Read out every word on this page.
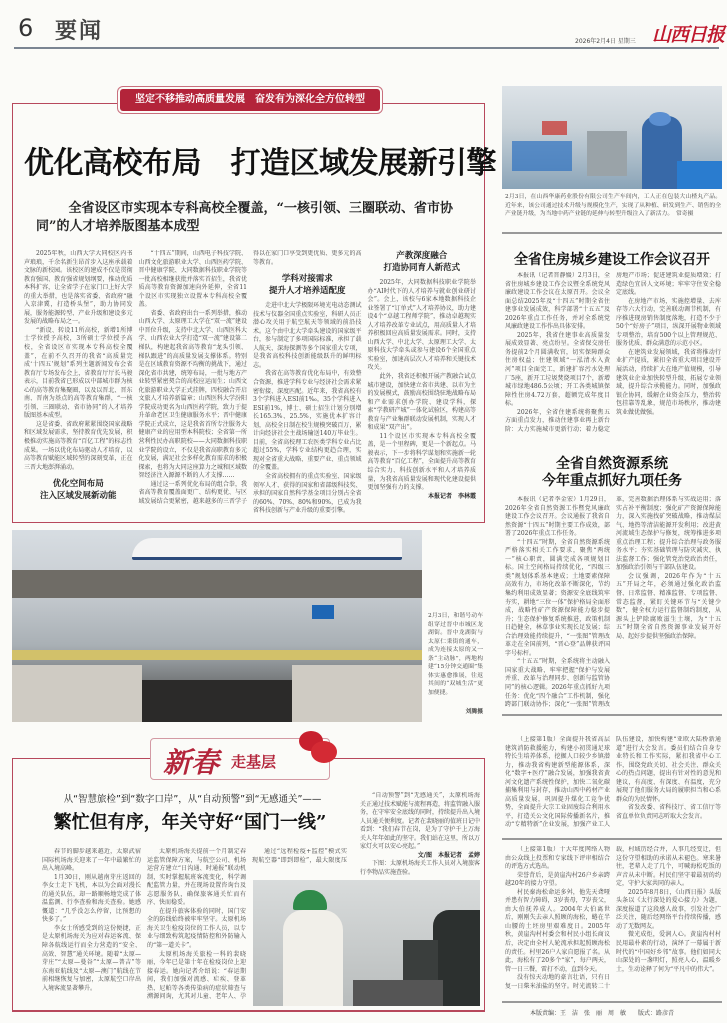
6 要闻	2026年2月4日 星期三 山西日报
坚定不移推动高质量发展　奋发有为深化全方位转型
优化高校布局　打造区域发展新引擎
全省设区市实现本专科高校全覆盖，“一核引领、三圈联动、省市协同”的人才培养版图基本成型

2025年秋，山西大学大同校区内书声琅琅，千余名新生昂首步入这座承载着文脉的新校园。该校区的建成不仅是贯彻教育强国、教育强省规划纲要，推动优质本科扩容，让全省学子在家门口上好大学的重大举措，也是落实省委、省政府“融入京津冀，打造桥头堡”，助力协同发展，服务能源转型、产业升级和建设多元发展的战略布局之一。

“新设、转设11所高校，新增1所博士学位授予高校，3所硕士学位授予高校，全省设区市实现本专科高校全覆盖”，在前不久召开的我省“高质量完成‘十四五’规划”系列主题新闻发布会省教育厅专场发布会上，省教育厅厅长马骏表示，目前我省已形成以中部城市群为核心的高等教育集聚圈，以及以晋北、晋东南、晋南为基点的高等教育集群，“一核引领、三圈联动、省市协同”的人才培养版图基本成型。

这是省委、省政府紧紧围绕国家战略和区域发展需求，坚持教育优先发展，积极推动实施高等教育“百亿工程”的标志性成果。一场以优化布局驱动人才培育，以高等教育赋能区域转型的深刻变革，正在三晋大地澎湃涌动。

优化空间布局
注入区域发展新动能

“十四五”期间，山西电子科技学院、山西文化旅游职业大学、山西医药学院、晋中健康学院、大同数据科技职业学院等一批高校相继获批并落实首招生，我省优质高等教育资源加速向外延伸，全省11个设区市实现独立设置本专科高校全覆盖。

省委、省政府出台一系列举措，推动山西大学、太原理工大学在“双一流”建设中晋位升级，支持中北大学、山西医科大学、山西农业大学打造“双一流”建设第二梯队，构建起我省高等教育“龙头引领、梯队跟进”的高质量发展支撑体系。特别是在区域教育资源不均衡的挑战下，通过深化省市共建，统筹布局，一批与地方产业转型紧密契合的高校应运而生；山西文化旅游职业大学正式挂牌，四校融合开启文旅人才培养新篇章；山西医科大学汾阳学院成功更名为山西医药学院，致力于提升革命老区卫生健康服务水平；晋中健康学院正式成立，这是我省首所专注服务大健康产业的应用型本科院校；全省第一所营利性民办高职院校——大同数据科技职业学院的设立，不仅是我省高职教育多元化发展，满足社会多样化教育需求的积极探索，也将为大同这座算力之城和区域数智经济注入源源不断的人才支撑……

通过这一系列优化布局的组合拳，我省高等教育覆盖面更广、结构更优、与区域发展结合更紧密，越来越多的三晋学子得以在家门口享受到更优质、更多元的高等教育。

学科对接需求
提升人才培养适配度

走进中北大学极限环境光电动态测试技术与仪器全国重点实验室，科研人员正潜心攻关用于航空航天等领域的前沿技术。这个由中北大学牵头建设的国家级平台，参与制定了多项国际标准，承担了载人航天、深海探测等多个国家重大专项，是我省高校科技创新能级跃升的鲜明标志。

我省在高等教育优化布局中，有效整合资源，推进学科专业与经济社会需求紧密衔接、深度匹配。近年来，我省高校有3个学科进入ESI前1‰，35个学科进入ESI前1%，博士、硕士招生计划分别增长165.3%、25.5%，实施优本扩容计划，高校全日制在校生规模突破百万，累计向经济社会主战场输送140万毕业生。目前，全省高校理工农医类学科专业占比超过55%，学科专业结构更趋合理，实现对全省重大战略、重要产业、重点领域的全覆盖。

全省高校拥有的重点实验室、国家级领军人才、获得的国家和省部级科技奖、承担的国家自然科学基金项目分别占全省的60%、70%、80%和90%，已成为我省科技创新与产业升级的重要引擎。

产教深度融合
打造协同育人新范式

2025年，大同数据科技职业学院举办“AI时代下的人才培养与就业创业研讨会”。会上，该校与6家本地数据科技企业签署了“订单式”人才培养协议，助力建设4个“卓越工程师学院”，推动卓越现实人才培养改革专业试点，用高质量人才培养积极回应高质量发展需求。同时，支持山西大学、中北大学、太原理工大学、太原科技大学牵头或参与建设6个全国重点实验室，加速高层次人才培养和关键技术攻关。

此外，我省还积极开展产教融合试点城市建设，加快建立省市共建、以市为主的发展模式，鼓励高校围绕驻地战略布局和产业需求创办学院、建设学科，探索“学教研产城”一体化试验区，构建高等教育与产业集群联动发展机制，实现人才和成果“双产出”。

11个设区市实现本专科高校全覆盖，是一个里程碑，更是一个新起点。马骏表示，下一步将科学谋划和实施新一轮高等教育“百亿工程”，全面提升高等教育综合实力、科技创新水平和人才培养质量，为我省高质量发展和现代化建设提供更加坚强有力的支撑。

本报记者　李林霞

2月3日，在山西华康药业股份有限公司生产车间内，工人正在包装大山楂丸产品。近年来，该公司通过技术升级与规模化生产，实现了从种植、研发到生产、销售的全产业链升级，为当地中药产业链的延伸与转型升级注入了新活力。　常奇摄
全省住房城乡建设工作会议召开

本报讯（记者晋静媛）2月3日，全省住房城乡建设工作会议暨全系统党风廉政建设工作会议在太原召开。会议全面总结2025年及“十四五”时期全省住建事业发展成效，科学部署“十五五”及2026年重点工作任务，并对全系统党风廉政建设工作作出具体安排。

2025年，我省住建事业高质量发展成效显著、亮点纷呈。全省保交房任务提前2个月圆满收官，切实保障群众住房权益；住建领域“一泓清水入黄河”项目全面完工，新建扩容污水处理厂5座，新开工垃圾焚烧项目7个，新增城市绿地486.5公顷；开工各类城镇保障性住房4.72万套，超额完成年度目标。

2026年，全省住建系统将聚焦五方面重点发力，推动住建事业再上新台阶：大力实施城市更新行动；着力稳定房地产市场；促进建筑业提质增效；打造绿色宜居人文环境；牢牢守住安全稳定底线。

在房地产市场，实施控增量、去库存等六大行动，完善联动调节机制，有序推进现房销售制度落地，打造不少于50个“好房子”项目，纵深开展物业领域专项整治，培育500个以上管理规范、服务优质、群众满意的示范小区。

在建筑业发展领域，我省将推动行业扩产提质，紧扣全省重大项目建设开展活动，持续扩大在地产值规模，引导建筑业企业加快转型升级、拓展专业领域，提升综合承揽能力。同时，加强政银企协同，缓解企业资金压力，整治转包挂靠等乱象，规范市场秩序，推动建筑业做优做强。

全省自然资源系统
今年重点抓好九项任务

本报讯（记者李金宏）1月29日，2026年全省自然资源工作暨党风廉政建设工作会议召开。会议通报了我省自然资源“十四五”时期主要工作成效，部署了2026年重点工作任务。

“十四五”时期，全省自然资源系统严格落实相关工作要求，聚焦“两统一”核心职责，圆满完成各项规划目标。国土空间格局持续优化，“四级三类”规划体系基本建成；土地要素保障高效有力，市场化改革不断深化，节约集约利用成效显著；资源安全底线筑牢夯实，耕地“三位一体”保护格局全面形成，战略性矿产资源保障能力稳步提升；生态保护修复系统推进，政策机制日趋健全，林草事业实现长足发展；综合治理效能持续提升，“一张图”管理改革走在全国前列，“晋心登”品牌获评国字号标杆。

“十五五”时期，全系统将主动融入国家重大战略，牢牢把握“保护与发展并重、改革与治理同步、创新与监管协同”的核心逻辑。2026年重点抓好九项任务：优化“四个融合”工作机制，强化跨部门联动协作；深化“一张图”管理改革，完善数据治理体系与实战运用；落实占补平衡制度；强化矿产资源保障能力，深入实施找矿突破战略，推动煤层气、地热等清洁能源开发利用；改进黄河流域生态保护与修复，统筹推进多项重点治理工程；提升综合治理与政务服务水平；夯实基础管理与防灾减灾、执法监督工作；强化管党治党政治责任，加强政治引领与干部队伍建设。

会议强调，2026年作为“十五五”开局之年，必须通过强化政治监督、日常监督、精准监督、专项监督、常态监督，紧盯关键环节与“关键少数”，健全权力运行监督制约制度，从源头上铲除腐败滋生土壤，为“十五五”时期全省自然资源事业发展开好局、起好步提供坚强政治保障。

2月3日，和谐号动车组穿过晋中市城区龙湖街。晋中龙湖街与太原仁秉街的通车，成为连接太原的又一条“主动脉”，两地构建“15分钟交通圈”集体实惠愈推展，往返其间的“双城生活”更加便捷。
刘腾摄
新春 走基层
从“智慧旅检”到“数字口岸”，从“自动预警”到“无感通关”——
繁忙但有序，年关守好“国门一线”

春节的脚步越来越近，太原武宿国际机场海关迎来了一年中最繁忙的出入境高峰。

1月30日，刚从越南芽庄返回的李女士走下飞机，本以为会面对漫长的通关队伍，却一路顺畅地完成了体温监测、行李查验和海关查验。她感慨道：“几乎没怎么停留，比预想的快多了。”

李女士所感受到的这份便捷，正是太原机场海关为应对春运客流、保障各航线运行而全力营造的“安全、高效、智慧”通关环境。随着“太原—芽庄”“太原—曼谷”“太原—普吉”等东南亚航线及“太原—澳门”航线在节前相继恢复与加密，太原航空口岸出入境客流显著攀升。

太原机场海关提前一个月制定春运监管保障方案，与航空公司、机场运营方建立“日沟通、时通报”联动机制，实时掌握航班客流变化，科学调配监管力量，并在现场设置咨询台及志愿服务队，确保旅客通关忙而有序、快而稳妥。

在提升旅客体验的同时，国门安全的防线始终被牢牢坚守。太原机场海关卫生检疫岗位的工作人员，以专业与细致构筑起疫情防控和外防输入的“第一道关卡”。

太原机场海关旅检一科的裴晓丽，今年已是第十年在检疫岗位上迎接春运。她向记者介绍说：“春运期间，我们加强对流感、疟疾、登革热、尼帕等各类传染病的症状筛查与溯源问询，尤其对儿童、老年人、孕

通过“远程检疫+监控”模式实现航空器“即到即检”，最大限度压

“自动预警”到“无感通关”，太原机场海关正通过技术赋能与流程再造，将监管融入服务，在守牢安全底线的同时，持续提升出入境人员通关便利度。记者在裴晓丽的值班日记中看到：“我们春节在岗，是为了守护千上万海关人年年如此的坚守。我们站在这里，所以万家灯火可以安心亮起。”

文/图　本报记者　孟婷

下图：太原机场海关工作人员对入境旅客行李物品实施查验。

（上接第1版）全面提升我省高层建筑消防救援能力，构建小初贯通足球特长生培养体系，挖掘人口较少乡镇潜力，推动我省构建新型能源体系，深化“数字+医疗”融合发展，加强我省黄河文化遗产系统性保护，加快二氧化碳捕集利用与封存，推动山西中药材产业高质量发展，巩固提升煤化工竞争优势，全面提升大宗工业固废综合利用水平，打造关公文化国际传播新名片，推动“专精特新”企业发展，加强产业工人队伍建设，加快构建“亚欧大陆桥新通道”进行大会发言。委员们结合自身专业特长和工作实际，紧扣我省中心工作，围绕党政关切、社会关注、群众关心的热点问题，提出有针对性的意见和建议，有高度、有深度、有温度，充分展现了他们服务大局的履职担当和心系群众的为民情怀。

省发改委、省科技厅、省工信厅等省直单位负责同志听取大会发言。

（上接第1版）十大年度网络人物由公众线上投票和专家线下评审相结合的评选方式选出。

荣誉背后，是黄崖沟村26户乡亲跨越20年的接力守望。

村民秦海松命运多舛，他先天聋哑并患有智力障碍，3岁丧母，7岁丧父，由大伯抚养成人。2004年大伯离世后，刚刚失去亲人照顾的海松，蜷在半山腰的土坯房里艰难度日。2005年秋，黄崖沟村村委会和村民小组长商议后，决定由全村人轮流承担起照顾海松的责任。村里26户人家自愿报了名。从此，海松有了20多个“家”，每户两天，管一日三餐，雷打不动，直到今天。

没有惊天动地的豪言壮语，只有日复一日柴米油盐的坚守。时光流转二十载，村域历经合并，人事几经变迁，但这份守望相助的承诺从未褪色。寒来暑往，老辈人走了几个，可喊海松吃饭的声音从未中断。村民们坚守着最初的约定，守护大家共同的亲人。

2025年8月8日，《山西日报》头版头条以《太行深处的爱心接力》为题，深度报道了这段感人故事，引发社会广泛关注，随后经网络平台持续传播，感动了无数网友。

微光成炬，爱润人心。黄崖沟村村民用最朴素的行动，演绎了一幕属于新时代的“中国好乡邻”故事。他们如同大山深处的一盏明灯，照亮人心，温暖乡土，生动诠释了何为“平凡中的伟大”。

本版责编：王　洁　张　丽　周　敏　　版式：路彦青
